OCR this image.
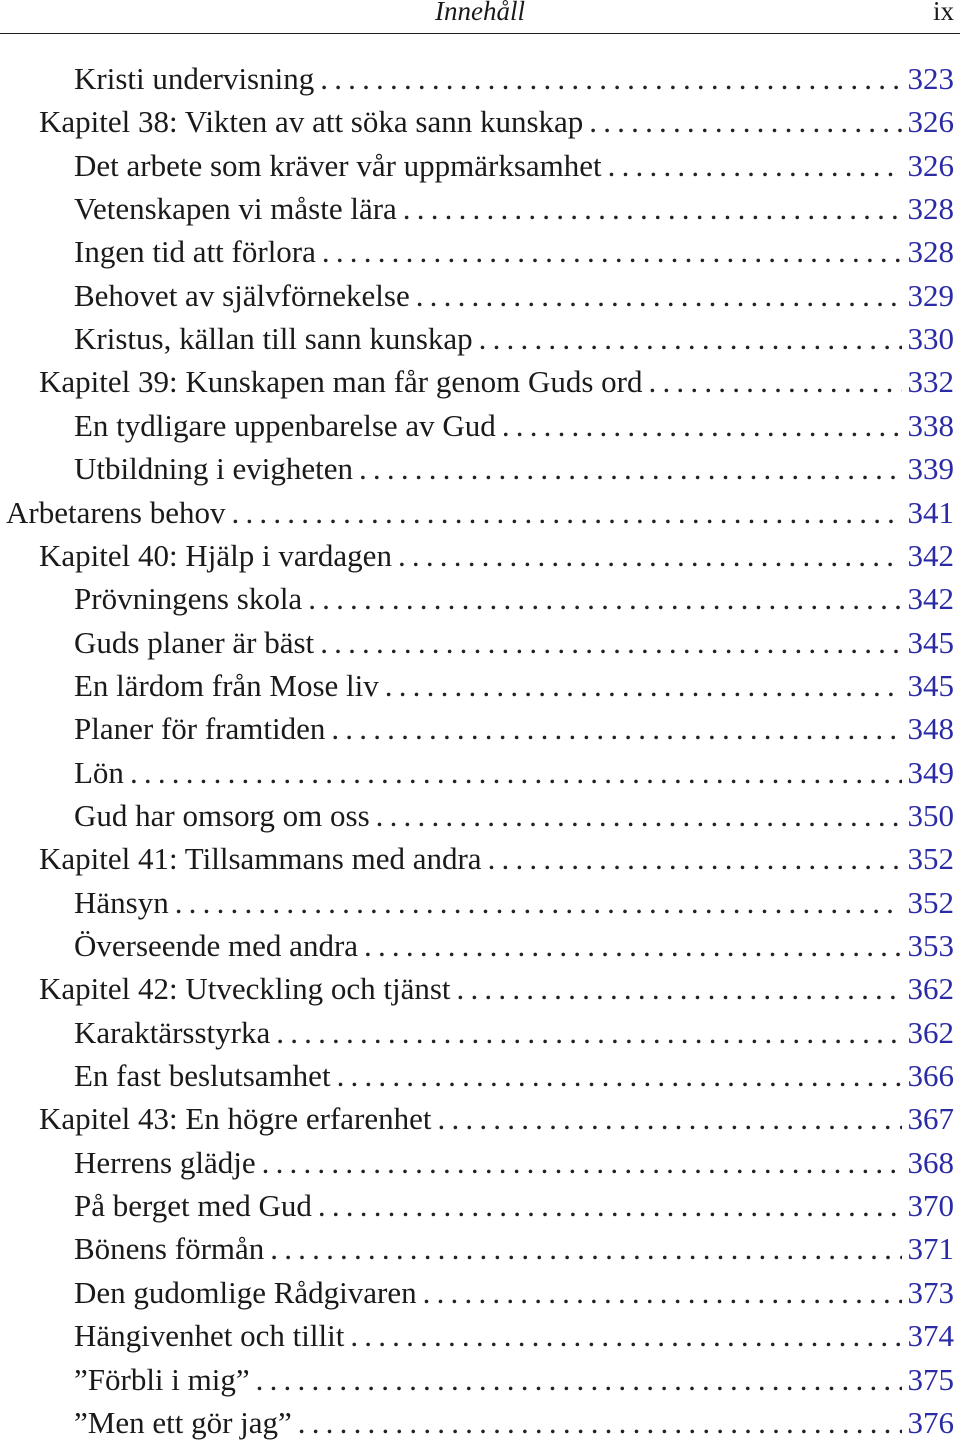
Innehåll	ix
Kristi undervisning .....	323
Kapitel 38: Vikten av att söka sann kunskap .....	326
Det arbete som kräver vår uppmärksamhet .....	326
Vetenskapen vi måste lära .....	328
Ingen tid att förlora .....	328
Behovet av självförnekelse .....	329
Kristus, källan till sann kunskap .....	330
Kapitel 39: Kunskapen man får genom Guds ord .....	332
En tydligare uppenbarelse av Gud .....	338
Utbildning i evigheten .....	339
Arbetarens behov .....	341
Kapitel 40: Hjälp i vardagen .....	342
Prövningens skola .....	342
Guds planer är bäst .....	345
En lärdom från Mose liv .....	345
Planer för framtiden .....	348
Lön .....	349
Gud har omsorg om oss .....	350
Kapitel 41: Tillsammans med andra .....	352
Hänsyn .....	352
Överseende med andra .....	353
Kapitel 42: Utveckling och tjänst .....	362
Karaktärsstyrka .....	362
En fast beslutsamhet .....	366
Kapitel 43: En högre erfarenhet .....	367
Herrens glädje .....	368
På berget med Gud .....	370
Bönens förmån .....	371
Den gudomlige Rådgivaren .....	373
Hängivenhet och tillit .....	374
”Förbli i mig” .....	375
”Men ett gör jag” .....	376
